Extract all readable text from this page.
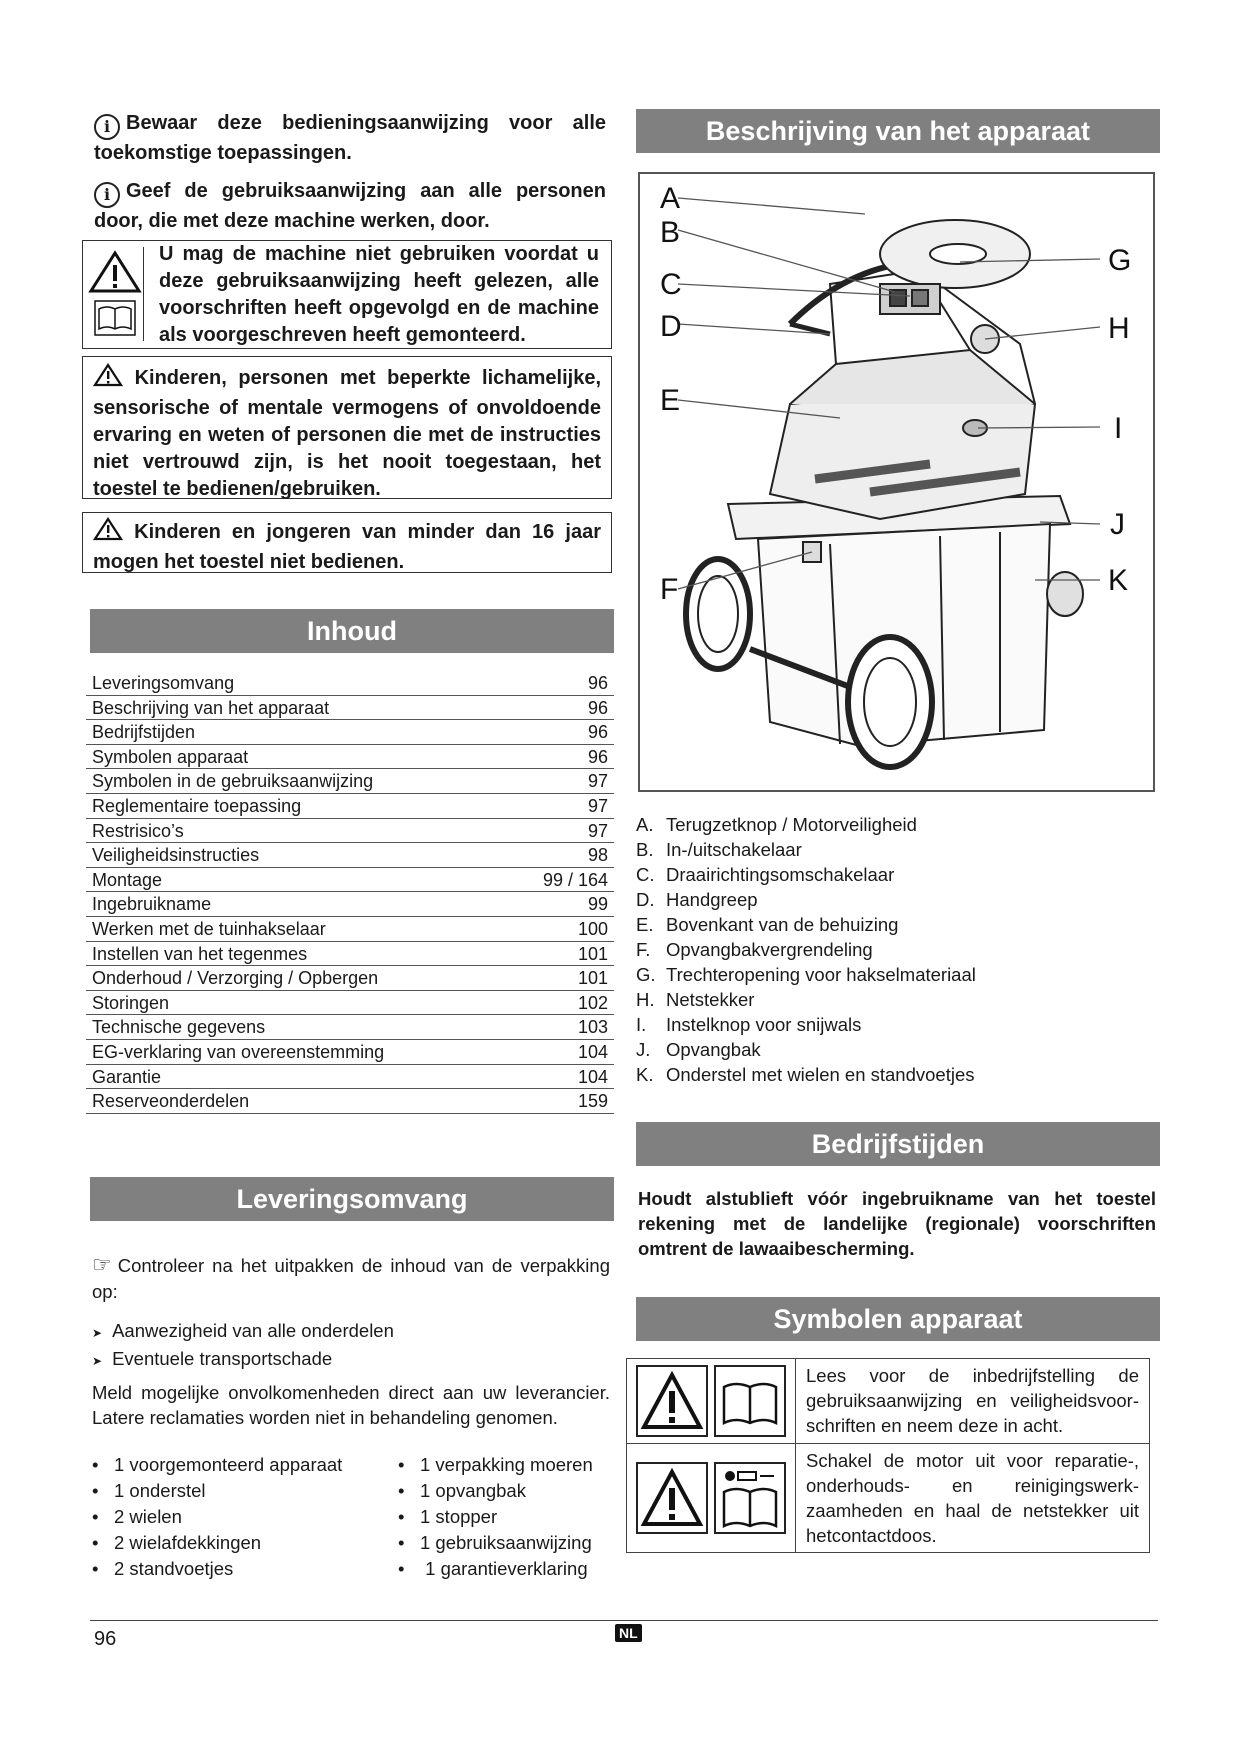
i Bewaar deze bedieningsaanwijzing voor alle toekomstige toepassingen.
i Geef de gebruiksaanwijzing aan alle personen door, die met deze machine werken, door.
U mag de machine niet gebruiken voordat u deze gebruiksaanwijzing heeft gelezen, alle voorschriften heeft opgevolgd en de machine als voorgeschreven heeft gemonteerd.
Kinderen, personen met beperkte lichamelijke, sensorische of mentale vermogens of onvoldoende ervaring en weten of personen die met de instructies niet vertrouwd zijn, is het nooit toegestaan, het toestel te bedienen/gebruiken.
Kinderen en jongeren van minder dan 16 jaar mogen het toestel niet bedienen.
Inhoud
Leveringsomvang	96
Beschrijving van het apparaat	96
Bedrijfstijden	96
Symbolen apparaat	96
Symbolen in de gebruiksaanwijzing	97
Reglementaire toepassing	97
Restrisico’s	97
Veiligheidsinstructies	98
Montage	99 / 164
Ingebruikname	99
Werken met de tuinhakselaar	100
Instellen van het tegenmes	101
Onderhoud / Verzorging / Opbergen	101
Storingen	102
Technische gegevens	103
EG-verklaring van overeenstemming	104
Garantie	104
Reserveonderdelen	159
Leveringsomvang
☞ Controleer na het uitpakken de inhoud van de verpakking op:
➤ Aanwezigheid van alle onderdelen
➤ Eventuele transportschade
Meld mogelijke onvolkomenheden direct aan uw leverancier. Latere reclamaties worden niet in behandeling genomen.
• 1 voorgemonteerd apparaat
• 1 onderstel
• 2 wielen
• 2 wielafdekkingen
• 2 standvoetjes
• 1 verpakking moeren
• 1 opvangbak
• 1 stopper
• 1 gebruiksaanwijzing
• 1 garantieverklaring
Beschrijving van het apparaat
A
B
C
D
E
F
G
H
I
J
K
A. Terugzetknop / Motorveiligheid
B. In-/uitschakelaar
C. Draairichtingsomschakelaar
D. Handgreep
E. Bovenkant van de behuizing
F. Opvangbakvergrendeling
G. Trechteropening voor hakselmateriaal
H. Netstekker
I.	Instelknop voor snijwals
J. Opvangbak
K. Onderstel met wielen en standvoetjes
Bedrijfstijden
Houdt alstublieft vóór ingebruikname van het toestel rekening met de landelijke (regionale) voorschriften omtrent de lawaaibescherming.
Symbolen apparaat
Lees voor de inbedrijfstelling de gebruiksaanwijzing en veiligheidsvoor-schriften en neem deze in acht.
Schakel de motor uit voor reparatie-, onderhouds- en reinigingswerk-zaamheden en haal de netstekker uit hetcontactdoos.
96	NL
